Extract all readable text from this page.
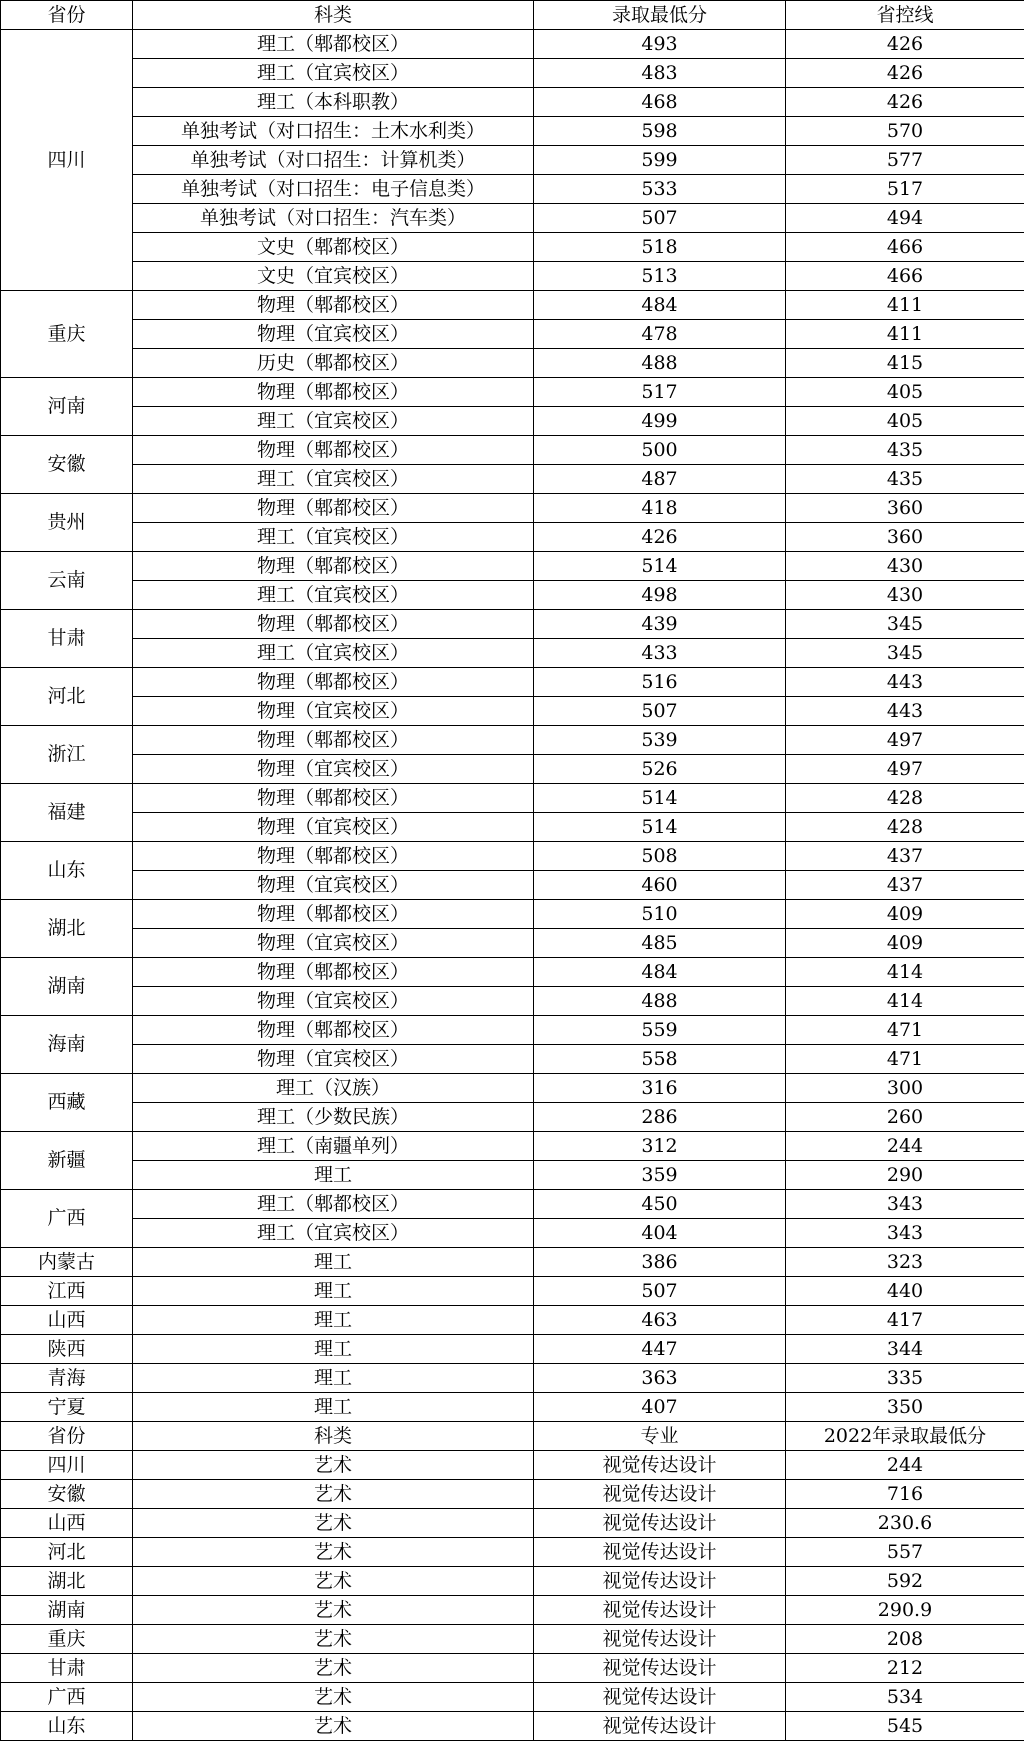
省份	科类	录取最低分	省控线
四川	理工（郫都校区）	493	426
	理工（宜宾校区）	483	426
	理工（本科职教）	468	426
	单独考试（对口招生：土木水利类）	598	570
	单独考试（对口招生：计算机类）	599	577
	单独考试（对口招生：电子信息类）	533	517
	单独考试（对口招生：汽车类）	507	494
	文史（郫都校区）	518	466
	文史（宜宾校区）	513	466
重庆	物理（郫都校区）	484	411
	物理（宜宾校区）	478	411
	历史（郫都校区）	488	415
河南	物理（郫都校区）	517	405
	理工（宜宾校区）	499	405
安徽	物理（郫都校区）	500	435
	理工（宜宾校区）	487	435
贵州	物理（郫都校区）	418	360
	理工（宜宾校区）	426	360
云南	物理（郫都校区）	514	430
	理工（宜宾校区）	498	430
甘肃	物理（郫都校区）	439	345
	理工（宜宾校区）	433	345
河北	物理（郫都校区）	516	443
	物理（宜宾校区）	507	443
浙江	物理（郫都校区）	539	497
	物理（宜宾校区）	526	497
福建	物理（郫都校区）	514	428
	物理（宜宾校区）	514	428
山东	物理（郫都校区）	508	437
	物理（宜宾校区）	460	437
湖北	物理（郫都校区）	510	409
	物理（宜宾校区）	485	409
湖南	物理（郫都校区）	484	414
	物理（宜宾校区）	488	414
海南	物理（郫都校区）	559	471
	物理（宜宾校区）	558	471
西藏	理工（汉族）	316	300
	理工（少数民族）	286	260
新疆	理工（南疆单列）	312	244
	理工	359	290
广西	理工（郫都校区）	450	343
	理工（宜宾校区）	404	343
内蒙古	理工	386	323
江西	理工	507	440
山西	理工	463	417
陕西	理工	447	344
青海	理工	363	335
宁夏	理工	407	350
省份	科类	专业	2022年录取最低分
四川	艺术	视觉传达设计	244
安徽	艺术	视觉传达设计	716
山西	艺术	视觉传达设计	230.6
河北	艺术	视觉传达设计	557
湖北	艺术	视觉传达设计	592
湖南	艺术	视觉传达设计	290.9
重庆	艺术	视觉传达设计	208
甘肃	艺术	视觉传达设计	212
广西	艺术	视觉传达设计	534
山东	艺术	视觉传达设计	545
